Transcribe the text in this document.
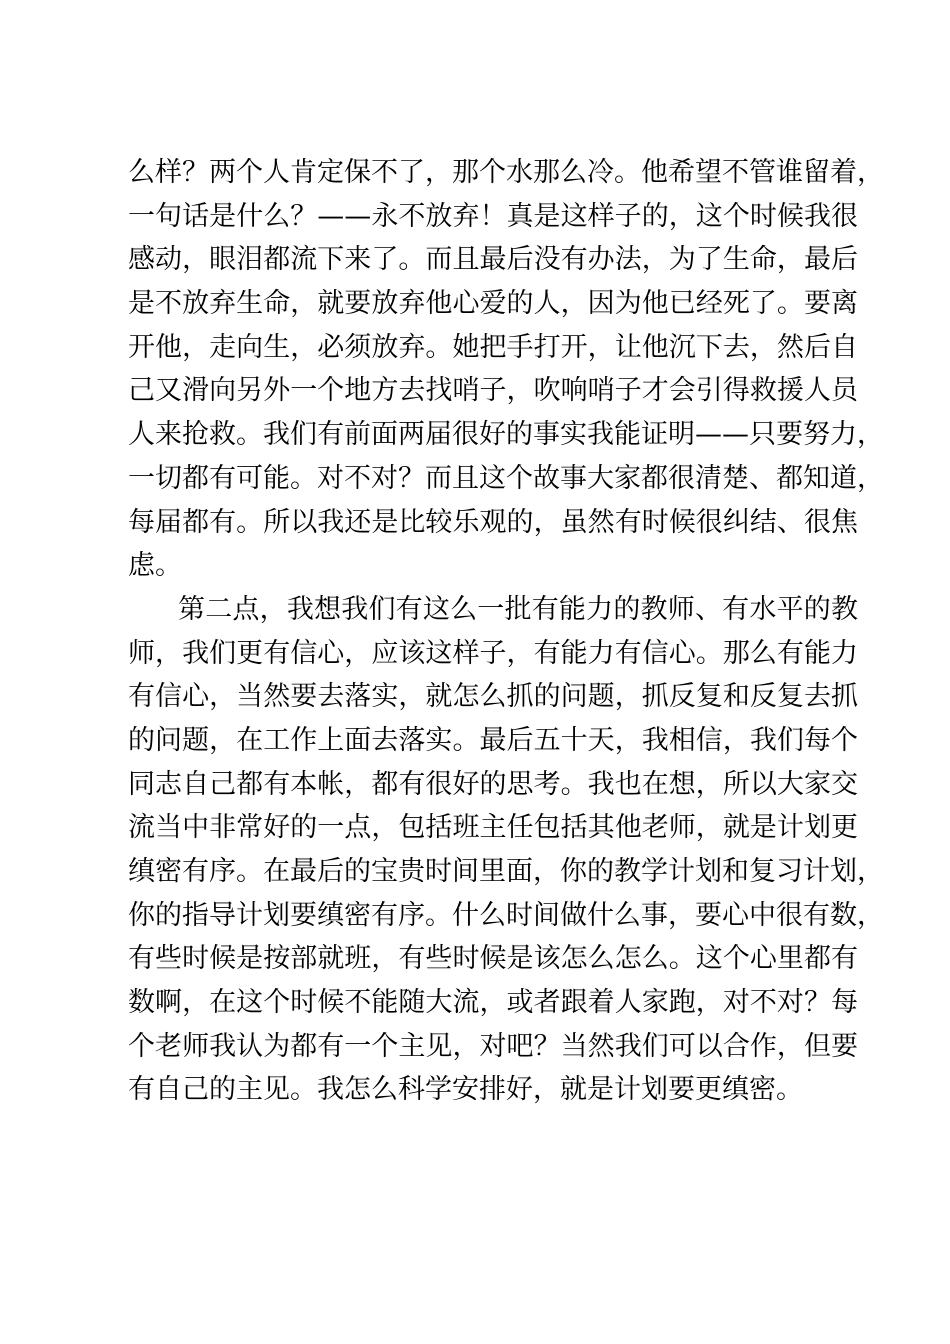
么样？两个人肯定保不了，那个水那么冷。他希望不管谁留着，
一句话是什么？——永不放弃！真是这样子的，这个时候我很
感动，眼泪都流下来了。而且最后没有办法，为了生命，最后
是不放弃生命，就要放弃他心爱的人，因为他已经死了。要离
开他，走向生，必须放弃。她把手打开，让他沉下去，然后自
己又滑向另外一个地方去找哨子，吹响哨子才会引得救援人员
人来抢救。我们有前面两届很好的事实我能证明——只要努力，
一切都有可能。对不对？而且这个故事大家都很清楚、都知道，
每届都有。所以我还是比较乐观的，虽然有时候很纠结、很焦
虑。
第二点，我想我们有这么一批有能力的教师、有水平的教
师，我们更有信心，应该这样子，有能力有信心。那么有能力
有信心，当然要去落实，就怎么抓的问题，抓反复和反复去抓
的问题，在工作上面去落实。最后五十天，我相信，我们每个
同志自己都有本帐，都有很好的思考。我也在想，所以大家交
流当中非常好的一点，包括班主任包括其他老师，就是计划更
缜密有序。在最后的宝贵时间里面，你的教学计划和复习计划，
你的指导计划要缜密有序。什么时间做什么事，要心中很有数，
有些时候是按部就班，有些时候是该怎么怎么。这个心里都有
数啊，在这个时候不能随大流，或者跟着人家跑，对不对？每
个老师我认为都有一个主见，对吧？当然我们可以合作，但要
有自己的主见。我怎么科学安排好，就是计划要更缜密。
